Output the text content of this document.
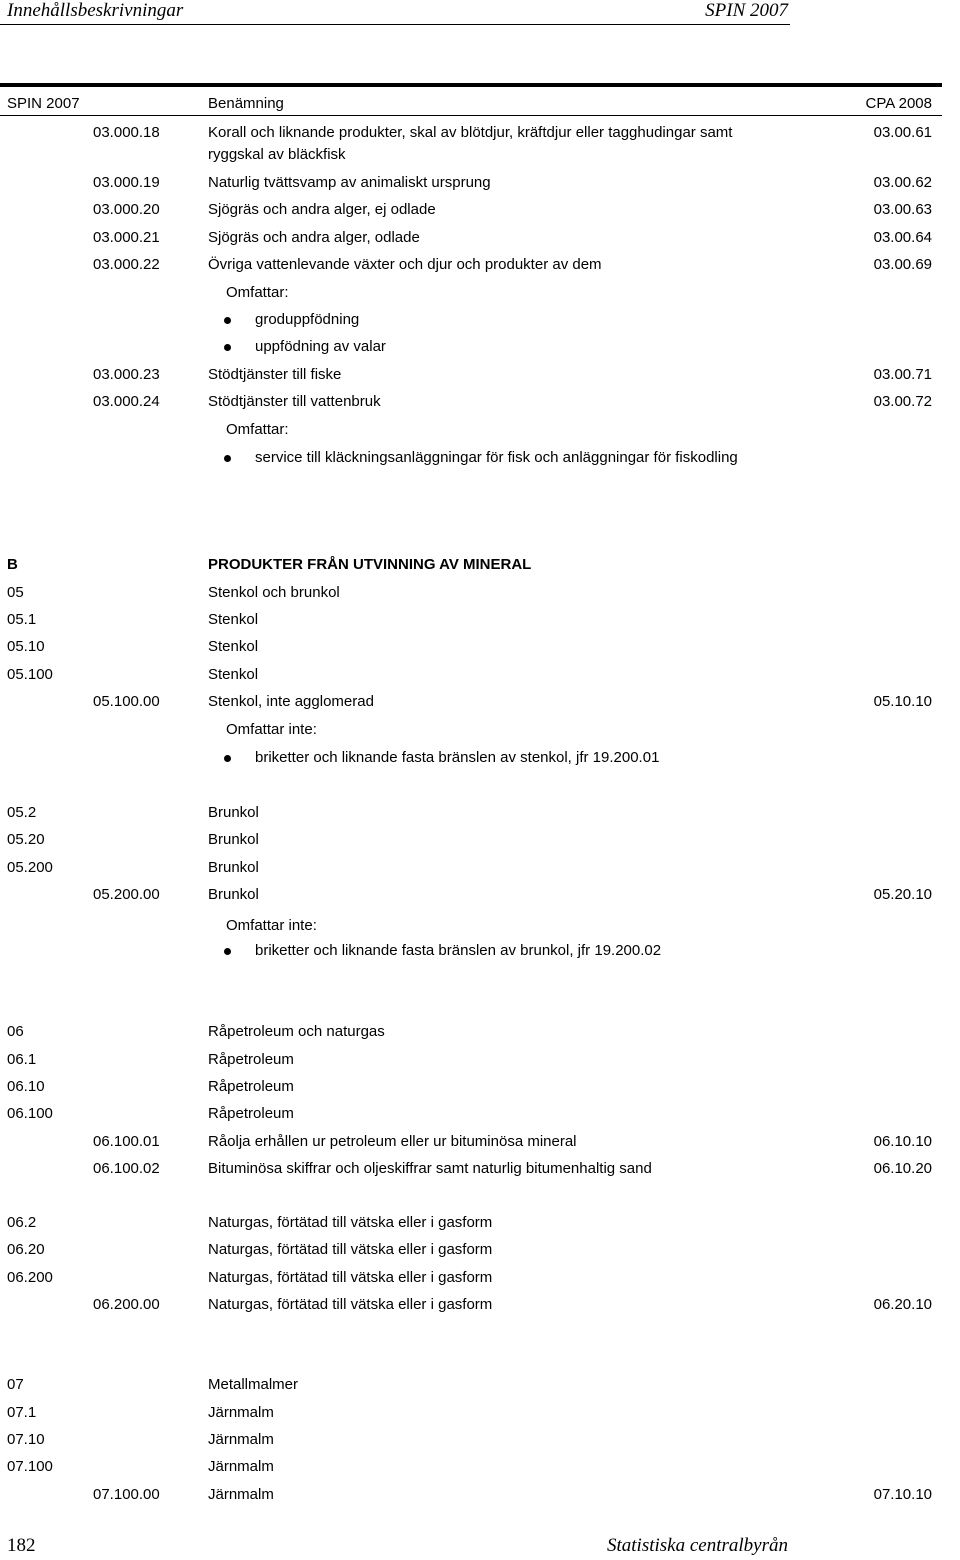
Innehållsbeskrivningar	SPIN 2007
SPIN 2007	Benämning	CPA 2008
03.000.18	Korall och liknande produkter, skal av blötdjur, kräftdjur eller tagghudingar samt	03.00.61
ryggskal av bläckfisk
03.000.19	Naturlig tvättsvamp av animaliskt ursprung	03.00.62
03.000.20	Sjögräs och andra alger, ej odlade	03.00.63
03.000.21	Sjögräs och andra alger, odlade	03.00.64
03.000.22	Övriga vattenlevande växter och djur och produkter av dem	03.00.69
Omfattar:
groduppfödning
uppfödning av valar
03.000.23	Stödtjänster till fiske	03.00.71
03.000.24	Stödtjänster till vattenbruk	03.00.72
Omfattar:
service till kläckningsanläggningar för fisk och anläggningar för fiskodling
B	PRODUKTER FRÅN UTVINNING AV MINERAL
05	Stenkol och brunkol
05.1	Stenkol
05.10	Stenkol
05.100	Stenkol
05.100.00	Stenkol, inte agglomerad	05.10.10
Omfattar inte:
briketter och liknande fasta bränslen av stenkol, jfr 19.200.01
05.2	Brunkol
05.20	Brunkol
05.200	Brunkol
05.200.00	Brunkol	05.20.10
Omfattar inte:
briketter och liknande fasta bränslen av brunkol, jfr 19.200.02
06	Råpetroleum och naturgas
06.1	Råpetroleum
06.10	Råpetroleum
06.100	Råpetroleum
06.100.01	Råolja erhållen ur petroleum eller ur bituminösa mineral	06.10.10
06.100.02	Bituminösa skiffrar och oljeskiffrar samt naturlig bitumenhaltig sand	06.10.20
06.2	Naturgas, förtätad till vätska eller i gasform
06.20	Naturgas, förtätad till vätska eller i gasform
06.200	Naturgas, förtätad till vätska eller i gasform
06.200.00	Naturgas, förtätad till vätska eller i gasform	06.20.10
07	Metallmalmer
07.1	Järnmalm
07.10	Järnmalm
07.100	Järnmalm
07.100.00	Järnmalm	07.10.10
182	Statistiska centralbyrån
